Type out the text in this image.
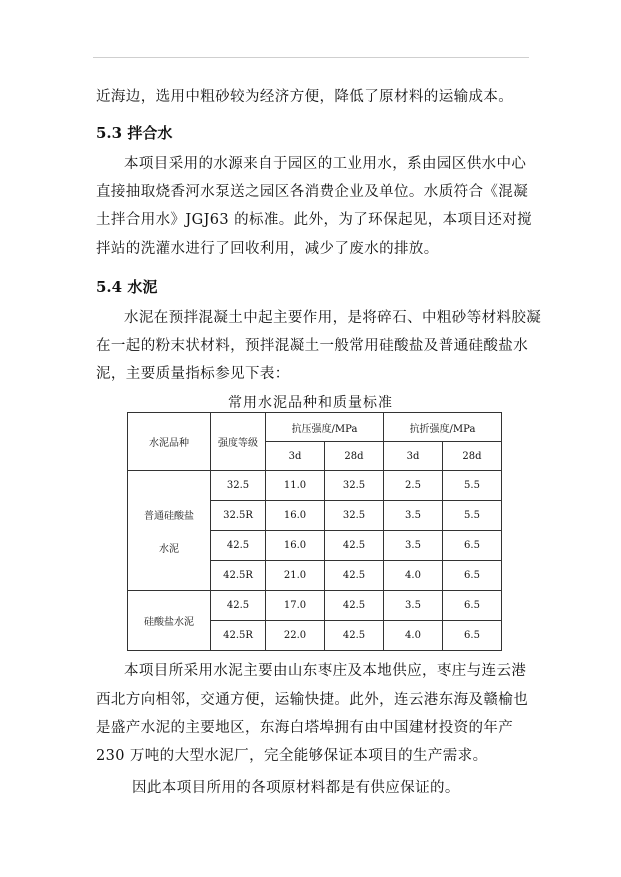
近海边，选用中粗砂较为经济方便，降低了原材料的运输成本。
5.3 拌合水
本项目采用的水源来自于园区的工业用水，系由园区供水中心
直接抽取烧香河水泵送之园区各消费企业及单位。水质符合《混凝
土拌合用水》JGJ63 的标准。此外，为了环保起见，本项目还对搅
拌站的洗灌水进行了回收利用，减少了废水的排放。
5.4 水泥
水泥在预拌混凝土中起主要作用，是将碎石、中粗砂等材料胶凝
在一起的粉末状材料，预拌混凝土一般常用硅酸盐及普通硅酸盐水
泥，主要质量指标参见下表：
常用水泥品种和质量标准
水泥品种	强度等级	抗压强度/MPa		抗折强度/MPa	
		3d	28d	3d	28d

普通硅酸盐
水泥	32.5	11.0	32.5	2.5	5.5
	32.5R	16.0	32.5	3.5	5.5
	42.5	16.0	42.5	3.5	6.5
	42.5R	21.0	42.5	4.0	6.5
硅酸盐水泥	42.5	17.0	42.5	3.5	6.5
	42.5R	22.0	42.5	4.0	6.5
本项目所采用水泥主要由山东枣庄及本地供应，枣庄与连云港
西北方向相邻，交通方便，运输快捷。此外，连云港东海及赣榆也
是盛产水泥的主要地区，东海白塔埠拥有由中国建材投资的年产
230 万吨的大型水泥厂，完全能够保证本项目的生产需求。
因此本项目所用的各项原材料都是有供应保证的。
